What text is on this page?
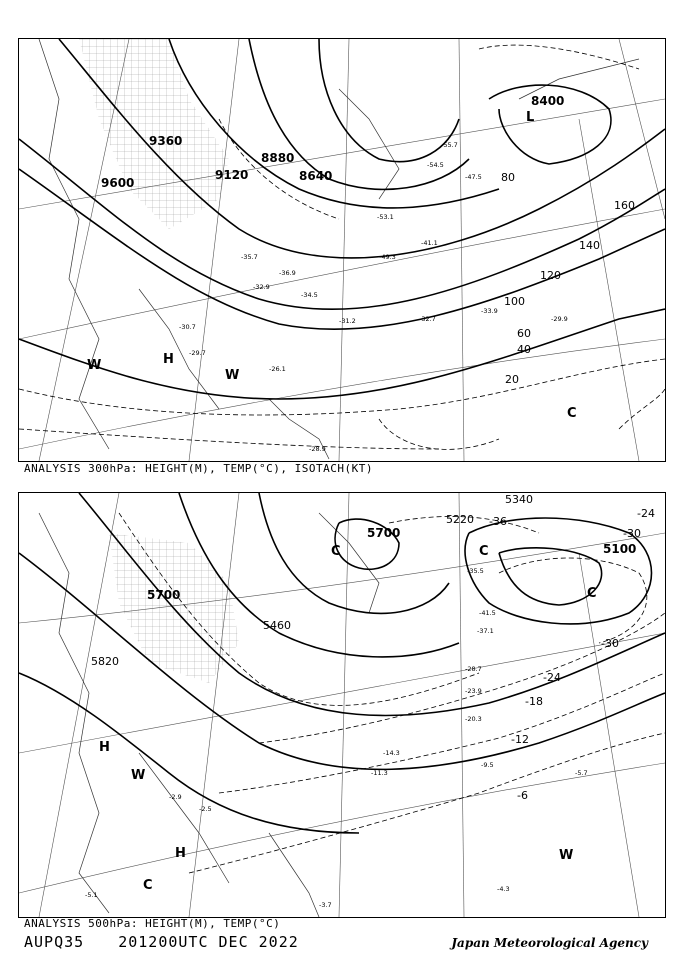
9360
9600
9120
8880
8640
8400
20
40
60
80
100
120
140
160
H
L
W
W
C
-30.7
-29.7
-26.1
-28.9
-31.2	-32.7
-33.9
-29.9
-34.5
-32.9
-36.9
-41.1
-49.3
-53.1
-55.7
-47.5
-54.5
-35.7
ANALYSIS 300hPa: HEIGHT(M), TEMP(°C), ISOTACH(KT)
5700
5820
5460
5220
5100
5340
5700
-6
-12
-18
-24
-30
-36
-24
-30
H
H
W
W
C
C
C
C
-9.5
-5.7
-11.3
-14.3
-20.3
-23.9
-28.7
-37.1
-41.5
-35.5
-4.3
-3.7
-5.1
-2.5
-2.9
ANALYSIS 500hPa: HEIGHT(M), TEMP(°C)
AUPQ35 201200UTC DEC 2022	Japan Meteorological Agency
